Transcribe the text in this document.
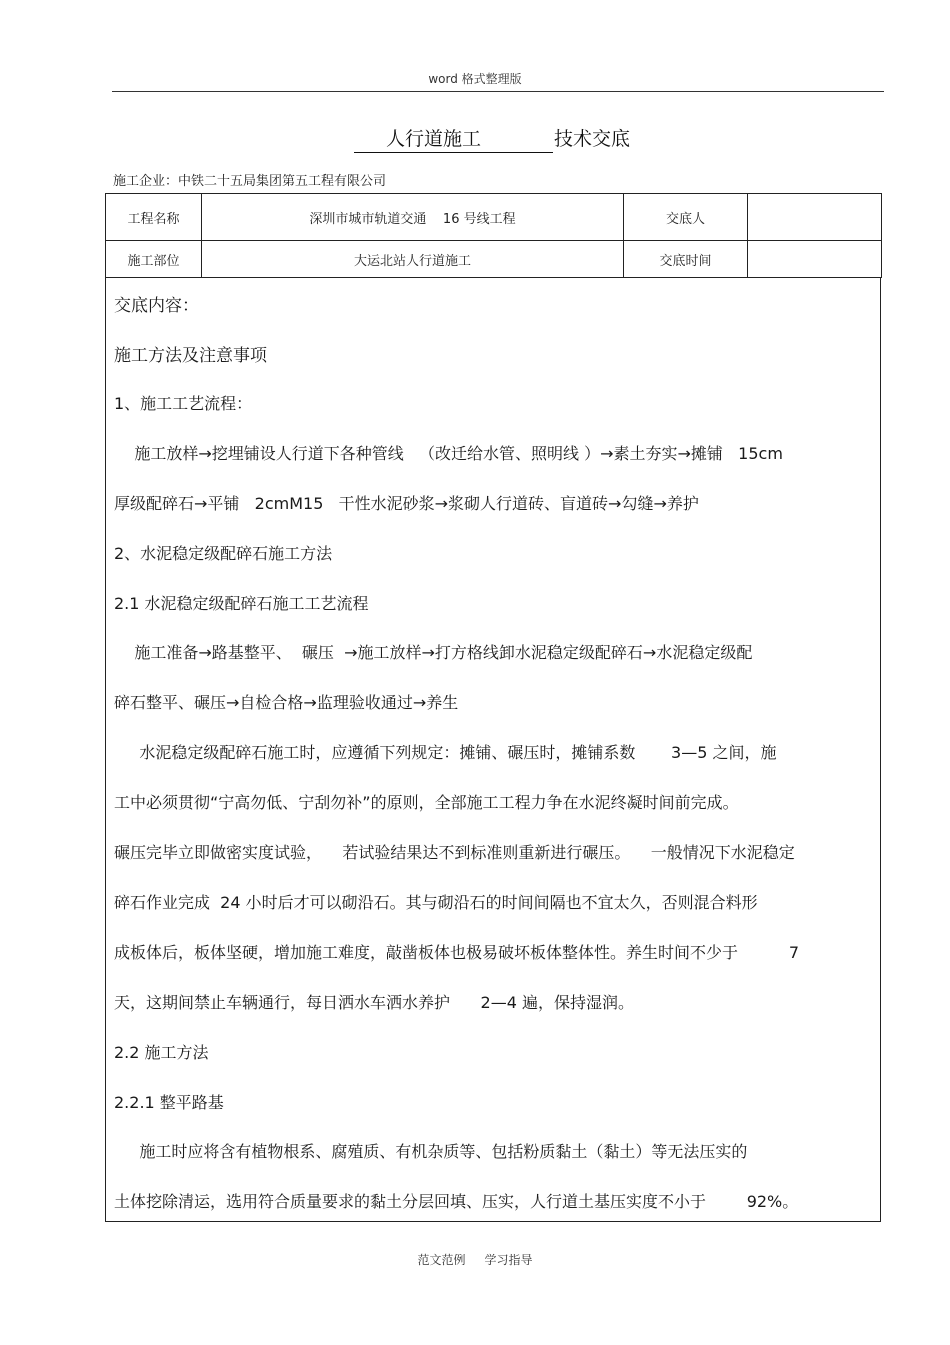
word 格式整理版
人行道施工	技术交底
施工企业：中铁二十五局集团第五工程有限公司
工程名称	深圳市城市轨道交通    16 号线工程	交底人	
施工部位	大运北站人行道施工	交底时间	
交底内容：
施工方法及注意事项
1、施工工艺流程：
施工放样→挖埋铺设人行道下各种管线   （改迁给水管、照明线 ）→素土夯实→摊铺   15cm
厚级配碎石→平铺   2cmM15   干性水泥砂浆→浆砌人行道砖、盲道砖→勾缝→养护
2、水泥稳定级配碎石施工方法
2.1 水泥稳定级配碎石施工工艺流程
施工准备→路基整平、  碾压  →施工放样→打方格线卸水泥稳定级配碎石→水泥稳定级配
碎石整平、碾压→自检合格→监理验收通过→养生
水泥稳定级配碎石施工时，应遵循下列规定：摊铺、碾压时，摊铺系数       3—5 之间，施
工中必须贯彻“宁高勿低、宁刮勿补”的原则，全部施工工程力争在水泥终凝时间前完成。
碾压完毕立即做密实度试验，    若试验结果达不到标准则重新进行碾压。    一般情况下水泥稳定
碎石作业完成  24 小时后才可以砌沿石。其与砌沿石的时间间隔也不宜太久，否则混合料形
成板体后，板体坚硬，增加施工难度，敲凿板体也极易破坏板体整体性。养生时间不少于          7
天，这期间禁止车辆通行，每日洒水车洒水养护      2—4 遍，保持湿润。
2.2 施工方法
2.2.1 整平路基
施工时应将含有植物根系、腐殖质、有机杂质等、包括粉质黏土（黏土）等无法压实的
土体挖除清运，选用符合质量要求的黏土分层回填、压实，人行道土基压实度不小于        92%。
范文范例     学习指导
